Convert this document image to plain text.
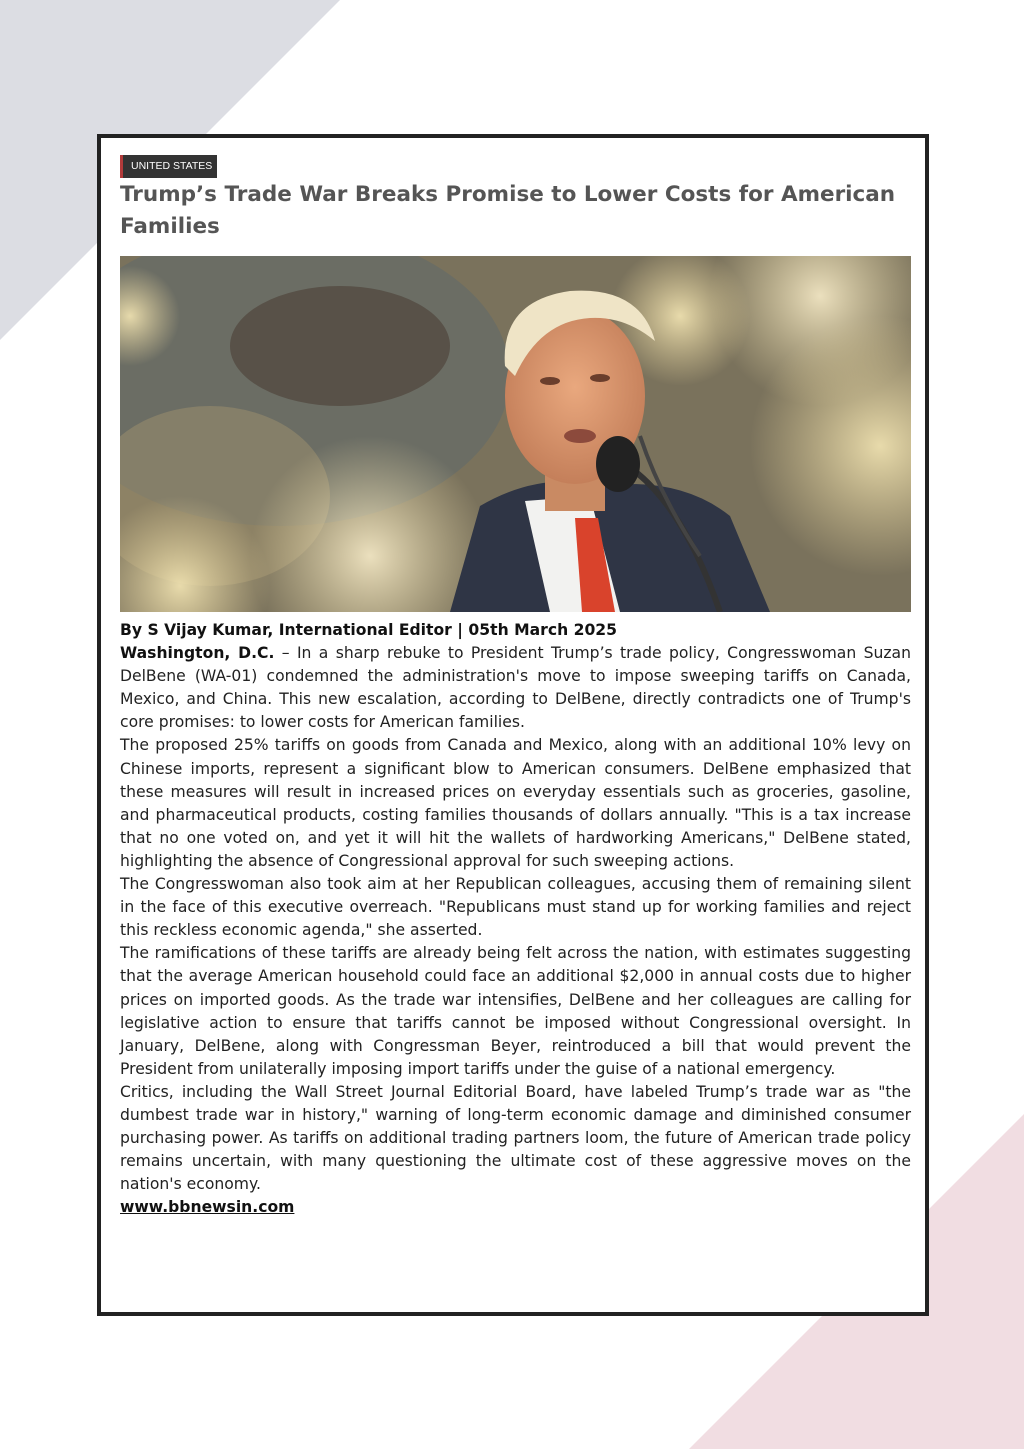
UNITED STATES
Trump’s Trade War Breaks Promise to Lower Costs for American Families

By S Vijay Kumar, International Editor | 05th March 2025

Washington, D.C. – In a sharp rebuke to President Trump’s trade policy, Congresswoman Suzan DelBene (WA-01) condemned the administration's move to impose sweeping tariffs on Canada, Mexico, and China. This new escalation, according to DelBene, directly contradicts one of Trump's core promises: to lower costs for American families.

The proposed 25% tariffs on goods from Canada and Mexico, along with an additional 10% levy on Chinese imports, represent a significant blow to American consumers. DelBene emphasized that these measures will result in increased prices on everyday essentials such as groceries, gasoline, and pharmaceutical products, costing families thousands of dollars annually. "This is a tax increase that no one voted on, and yet it will hit the wallets of hardworking Americans," DelBene stated, highlighting the absence of Congressional approval for such sweeping actions.

The Congresswoman also took aim at her Republican colleagues, accusing them of remaining silent in the face of this executive overreach. "Republicans must stand up for working families and reject this reckless economic agenda," she asserted.

The ramifications of these tariffs are already being felt across the nation, with estimates suggesting that the average American household could face an additional $2,000 in annual costs due to higher prices on imported goods. As the trade war intensifies, DelBene and her colleagues are calling for legislative action to ensure that tariffs cannot be imposed without Congressional oversight. In January, DelBene, along with Congressman Beyer, reintroduced a bill that would prevent the President from unilaterally imposing import tariffs under the guise of a national emergency.

Critics, including the Wall Street Journal Editorial Board, have labeled Trump’s trade war as "the dumbest trade war in history," warning of long-term economic damage and diminished consumer purchasing power. As tariffs on additional trading partners loom, the future of American trade policy remains uncertain, with many questioning the ultimate cost of these aggressive moves on the nation's economy.

www.bbnewsin.com
